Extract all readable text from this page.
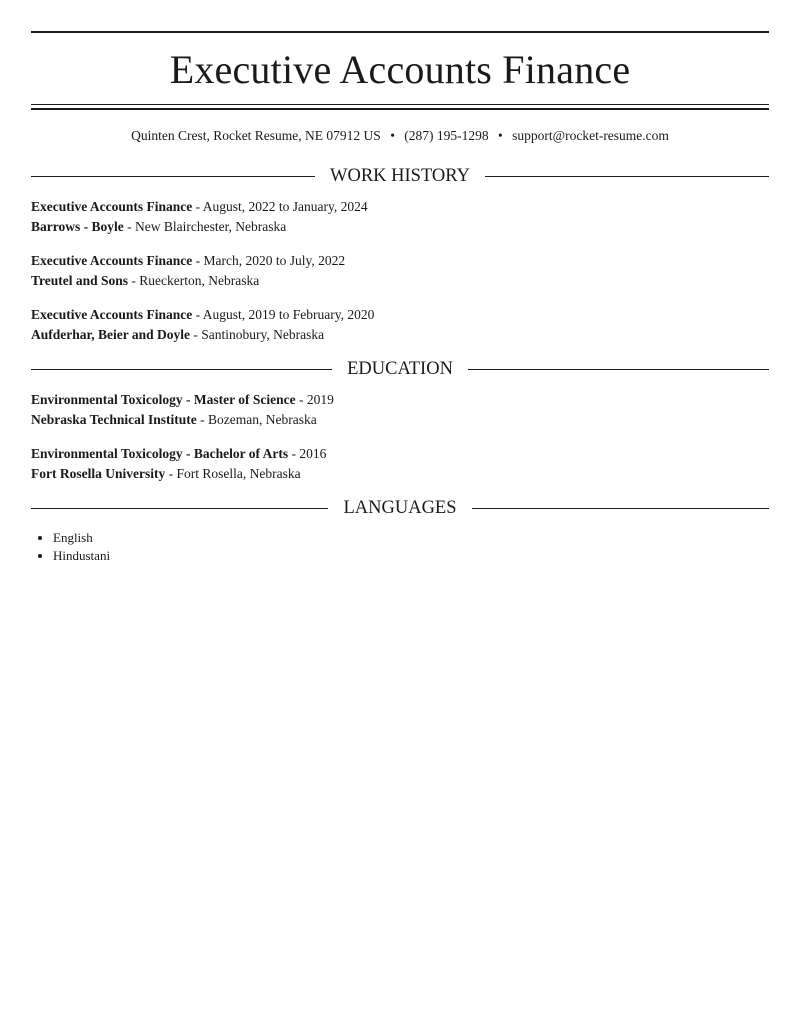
Executive Accounts Finance
Quinten Crest, Rocket Resume, NE 07912 US • (287) 195-1298 • support@rocket-resume.com
WORK HISTORY
Executive Accounts Finance - August, 2022 to January, 2024
Barrows - Boyle - New Blairchester, Nebraska
Executive Accounts Finance - March, 2020 to July, 2022
Treutel and Sons - Rueckerton, Nebraska
Executive Accounts Finance - August, 2019 to February, 2020
Aufderhar, Beier and Doyle - Santinobury, Nebraska
EDUCATION
Environmental Toxicology - Master of Science - 2019
Nebraska Technical Institute - Bozeman, Nebraska
Environmental Toxicology - Bachelor of Arts - 2016
Fort Rosella University - Fort Rosella, Nebraska
LANGUAGES
• English
• Hindustani
